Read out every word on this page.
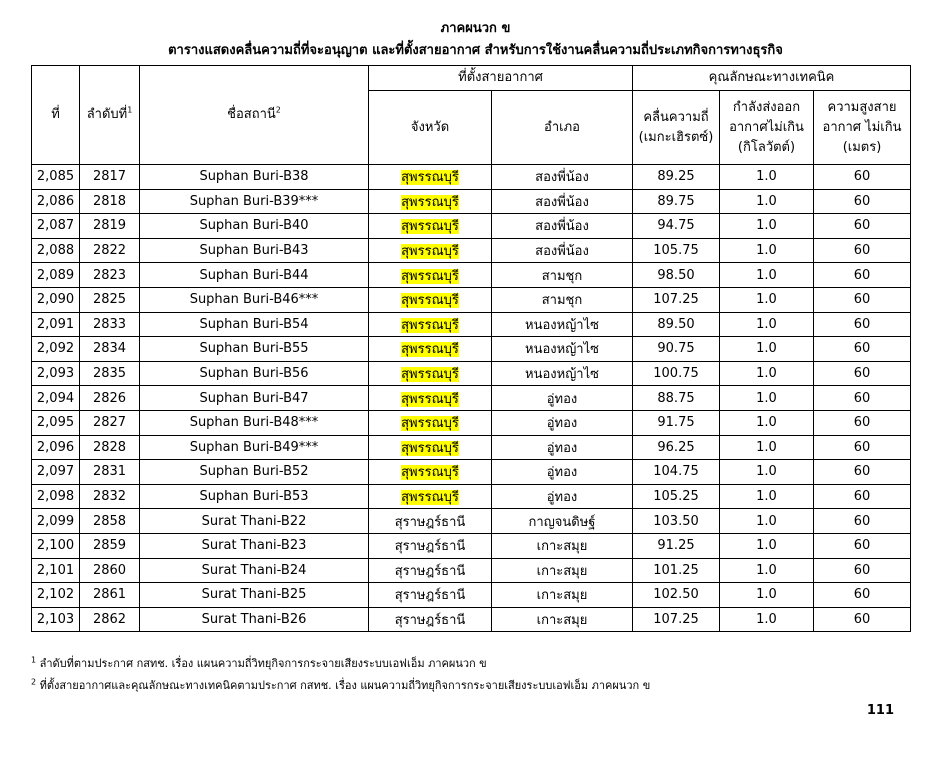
ภาคผนวก ข
ตารางแสดงคลื่นความถี่ที่จะอนุญาต และที่ตั้งสายอากาศ สำหรับการใช้งานคลื่นความถี่ประเภทกิจการทางธุรกิจ
ที่	ลำดับที่$^1$	ชื่อสถานี$^2$	ที่ตั้งสายอากาศ		คุณลักษณะทางเทคนิค		
			จังหวัด	อำเภอ	คลื่นความถี่ (เมกะเฮิรตซ์)	กำลังส่งออกอากาศไม่เกิน (กิโลวัตต์)	ความสูงสายอากาศ ไม่เกิน (เมตร)
2,085	2817	Suphan Buri-B38	สุพรรณบุรี	สองพี่น้อง	89.25	1.0	60
2,086	2818	Suphan Buri-B39***	สุพรรณบุรี	สองพี่น้อง	89.75	1.0	60
2,087	2819	Suphan Buri-B40	สุพรรณบุรี	สองพี่น้อง	94.75	1.0	60
2,088	2822	Suphan Buri-B43	สุพรรณบุรี	สองพี่น้อง	105.75	1.0	60
2,089	2823	Suphan Buri-B44	สุพรรณบุรี	สามชุก	98.50	1.0	60
2,090	2825	Suphan Buri-B46***	สุพรรณบุรี	สามชุก	107.25	1.0	60
2,091	2833	Suphan Buri-B54	สุพรรณบุรี	หนองหญ้าไซ	89.50	1.0	60
2,092	2834	Suphan Buri-B55	สุพรรณบุรี	หนองหญ้าไซ	90.75	1.0	60
2,093	2835	Suphan Buri-B56	สุพรรณบุรี	หนองหญ้าไซ	100.75	1.0	60
2,094	2826	Suphan Buri-B47	สุพรรณบุรี	อู่ทอง	88.75	1.0	60
2,095	2827	Suphan Buri-B48***	สุพรรณบุรี	อู่ทอง	91.75	1.0	60
2,096	2828	Suphan Buri-B49***	สุพรรณบุรี	อู่ทอง	96.25	1.0	60
2,097	2831	Suphan Buri-B52	สุพรรณบุรี	อู่ทอง	104.75	1.0	60
2,098	2832	Suphan Buri-B53	สุพรรณบุรี	อู่ทอง	105.25	1.0	60
2,099	2858	Surat Thani-B22	สุราษฎร์ธานี	กาญจนดิษฐ์	103.50	1.0	60
2,100	2859	Surat Thani-B23	สุราษฎร์ธานี	เกาะสมุย	91.25	1.0	60
2,101	2860	Surat Thani-B24	สุราษฎร์ธานี	เกาะสมุย	101.25	1.0	60
2,102	2861	Surat Thani-B25	สุราษฎร์ธานี	เกาะสมุย	102.50	1.0	60
2,103	2862	Surat Thani-B26	สุราษฎร์ธานี	เกาะสมุย	107.25	1.0	60
$^1$ ลำดับที่ตามประกาศ กสทช. เรื่อง แผนความถี่วิทยุกิจการกระจายเสียงระบบเอฟเอ็ม ภาคผนวก ข
$^2$ ที่ตั้งสายอากาศและคุณลักษณะทางเทคนิคตามประกาศ กสทช. เรื่อง แผนความถี่วิทยุกิจการกระจายเสียงระบบเอฟเอ็ม ภาคผนวก ข
111
